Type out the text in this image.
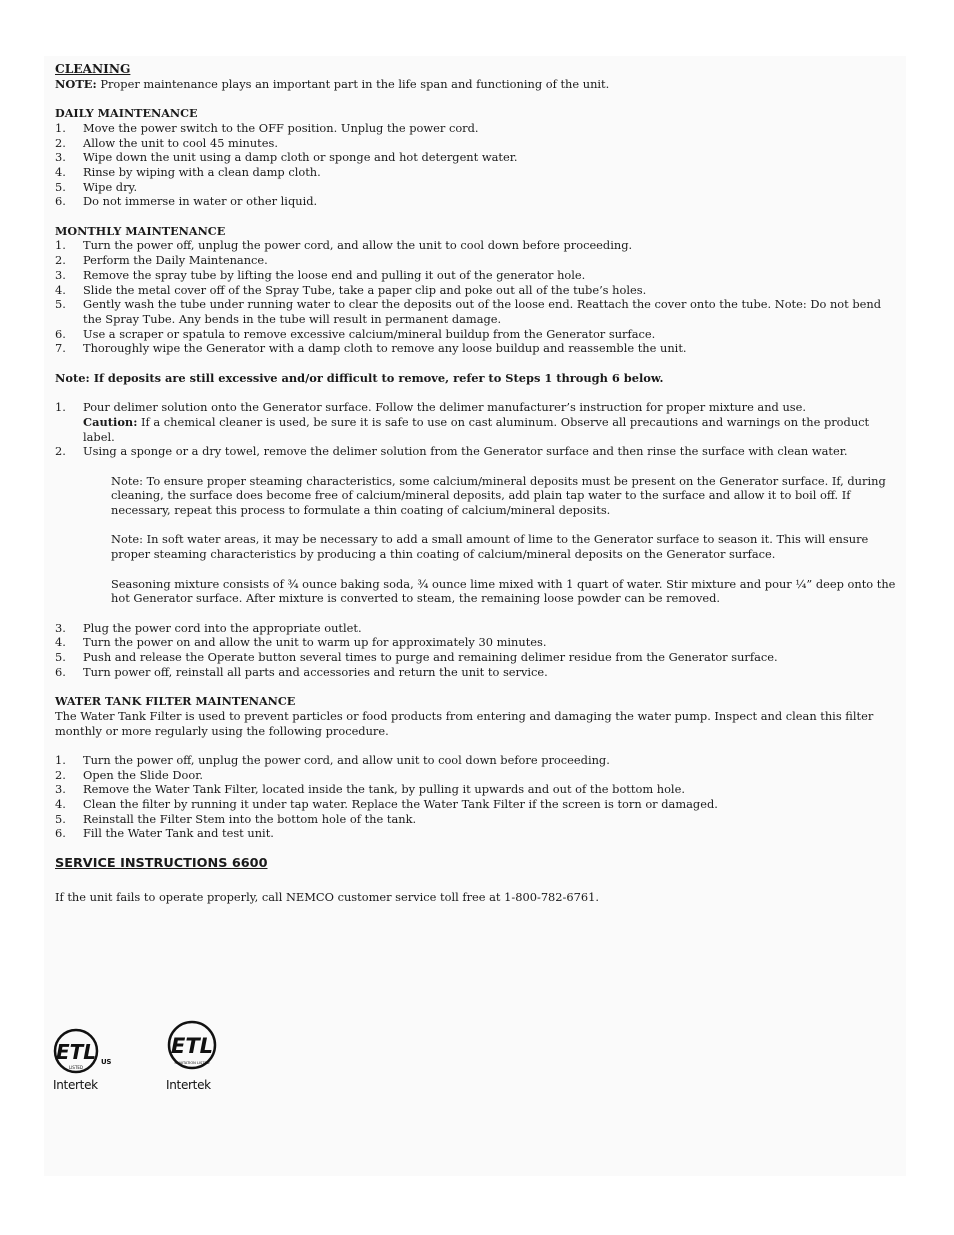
CLEANING
NOTE: Proper maintenance plays an important part in the life span and functioning of the unit.
DAILY MAINTENANCE
1. Move the power switch to the OFF position. Unplug the power cord.
2. Allow the unit to cool 45 minutes.
3. Wipe down the unit using a damp cloth or sponge and hot detergent water.
4. Rinse by wiping with a clean damp cloth.
5. Wipe dry.
6. Do not immerse in water or other liquid.
MONTHLY MAINTENANCE
1. Turn the power off, unplug the power cord, and allow the unit to cool down before proceeding.
2. Perform the Daily Maintenance.
3. Remove the spray tube by lifting the loose end and pulling it out of the generator hole.
4. Slide the metal cover off of the Spray Tube, take a paper clip and poke out all of the tube’s holes.
5. Gently wash the tube under running water to clear the deposits out of the loose end. Reattach the cover onto the tube. Note: Do not bend the Spray Tube. Any bends in the tube will result in permanent damage.
6. Use a scraper or spatula to remove excessive calcium/mineral buildup from the Generator surface.
7. Thoroughly wipe the Generator with a damp cloth to remove any loose buildup and reassemble the unit.
Note: If deposits are still excessive and/or difficult to remove, refer to Steps 1 through 6 below.
1. Pour delimer solution onto the Generator surface. Follow the delimer manufacturer’s instruction for proper mixture and use.
Caution: If a chemical cleaner is used, be sure it is safe to use on cast aluminum. Observe all precautions and warnings on the product label.
2. Using a sponge or a dry towel, remove the delimer solution from the Generator surface and then rinse the surface with clean water.
Note: To ensure proper steaming characteristics, some calcium/mineral deposits must be present on the Generator surface. If, during cleaning, the surface does become free of calcium/mineral deposits, add plain tap water to the surface and allow it to boil off. If necessary, repeat this process to formulate a thin coating of calcium/mineral deposits.
Note: In soft water areas, it may be necessary to add a small amount of lime to the Generator surface to season it. This will ensure proper steaming characteristics by producing a thin coating of calcium/mineral deposits on the Generator surface.
Seasoning mixture consists of ¾ ounce baking soda, ¾ ounce lime mixed with 1 quart of water. Stir mixture and pour ¼” deep onto the hot Generator surface. After mixture is converted to steam, the remaining loose powder can be removed.
3. Plug the power cord into the appropriate outlet.
4. Turn the power on and allow the unit to warm up for approximately 30 minutes.
5. Push and release the Operate button several times to purge and remaining delimer residue from the Generator surface.
6. Turn power off, reinstall all parts and accessories and return the unit to service.
WATER TANK FILTER MAINTENANCE
The Water Tank Filter is used to prevent particles or food products from entering and damaging the water pump. Inspect and clean this filter monthly or more regularly using the following procedure.
1. Turn the power off, unplug the power cord, and allow unit to cool down before proceeding.
2. Open the Slide Door.
3. Remove the Water Tank Filter, located inside the tank, by pulling it upwards and out of the bottom hole.
4. Clean the filter by running it under tap water. Replace the Water Tank Filter if the screen is torn or damaged.
5. Reinstall the Filter Stem into the bottom hole of the tank.
6. Fill the Water Tank and test unit.
SERVICE INSTRUCTIONS 6600
If the unit fails to operate properly, call NEMCO customer service toll free at 1-800-782-6761.
ETL
LISTED
US
Intertek
ETL
SANITATION LISTED
Intertek
